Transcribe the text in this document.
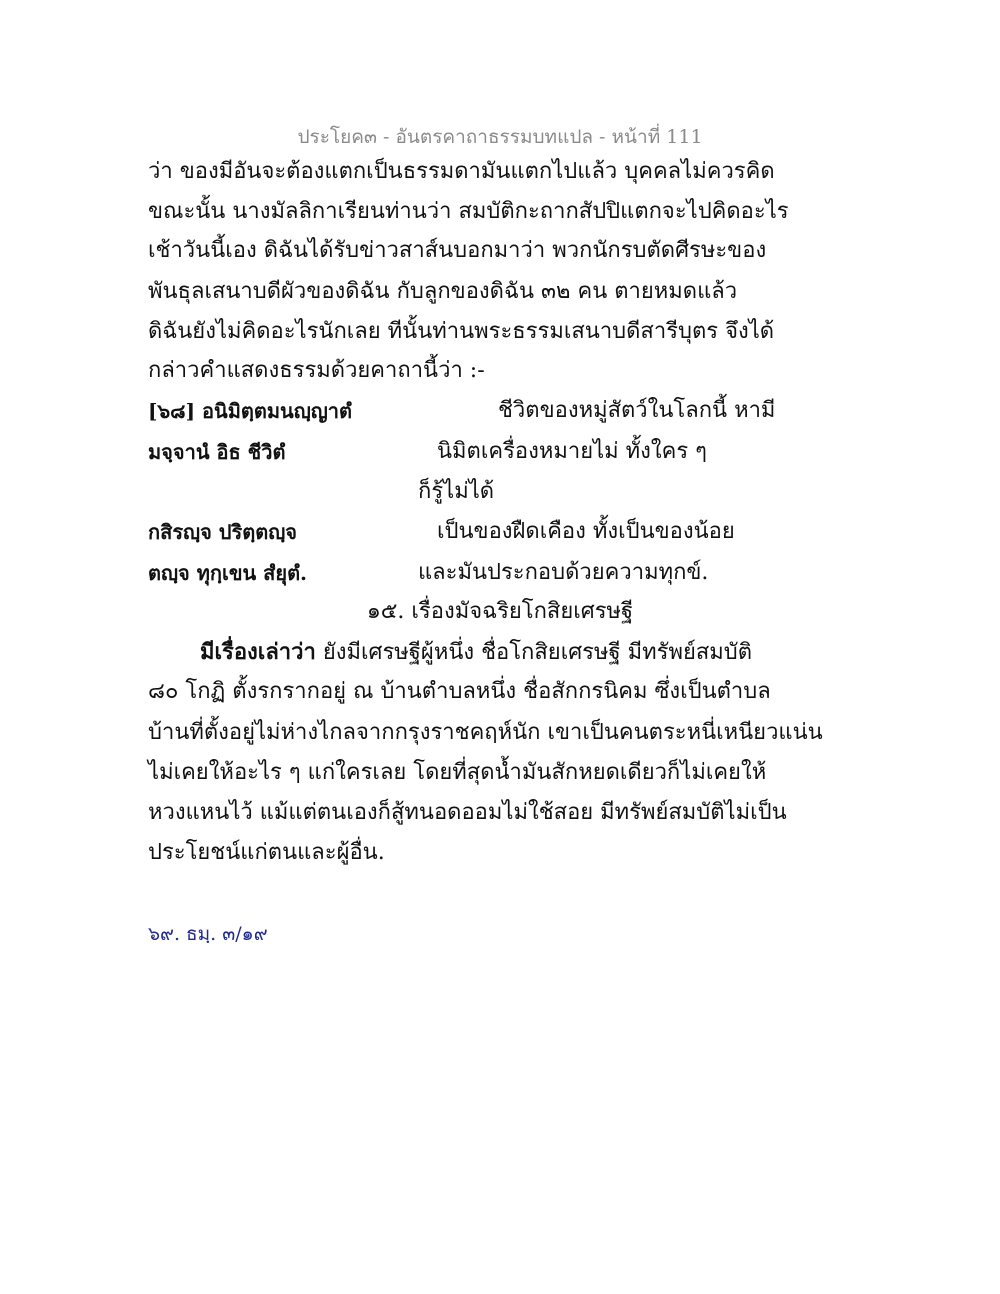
ประโยค๓ - อันตรคาถาธรรมบทแปล - หน้าที่ 111
ว่า ของมีอันจะต้องแตกเป็นธรรมดามันแตกไปแล้ว บุคคลไม่ควรคิด
ขณะนั้น นางมัลลิกาเรียนท่านว่า สมบัติกะถากสัปปิแตกจะไปคิดอะไร
เช้าวันนี้เอง ดิฉันได้รับข่าวสาส์นบอกมาว่า พวกนักรบตัดศีรษะของ
พันธุลเสนาบดีผัวของดิฉัน กับลูกของดิฉัน ๓๒ คน ตายหมดแล้ว
ดิฉันยังไม่คิดอะไรนักเลย ทีนั้นท่านพระธรรมเสนาบดีสารีบุตร จึงได้
กล่าวคำแสดงธรรมด้วยคาถานี้ว่า :-
[๖๘] อนิมิตฺตมนญฺญาตํ	ชีวิตของหมู่สัตว์ในโลกนี้ หามี
มจฺจานํ อิธ ชีวิตํ	นิมิตเครื่องหมายไม่ ทั้งใคร ๆ
ก็รู้ไม่ได้
กสิรญฺจ ปริตฺตญฺจ	เป็นของฝืดเคือง ทั้งเป็นของน้อย
ตญฺจ ทุกฺเขน สํยุตํ.	และมันประกอบด้วยความทุกข์.
๑๕. เรื่องมัจฉริยโกสิยเศรษฐี
มีเรื่องเล่าว่า ยังมีเศรษฐีผู้หนึ่ง ชื่อโกสิยเศรษฐี มีทรัพย์สมบัติ
๘๐ โกฏิ ตั้งรกรากอยู่ ณ บ้านตำบลหนึ่ง ชื่อสักกรนิคม ซึ่งเป็นตำบล
บ้านที่ตั้งอยู่ไม่ห่างไกลจากกรุงราชคฤห์นัก เขาเป็นคนตระหนี่เหนียวแน่น
ไม่เคยให้อะไร ๆ แก่ใครเลย โดยที่สุดน้ำมันสักหยดเดียวก็ไม่เคยให้
หวงแหนไว้ แม้แต่ตนเองก็สู้ทนอดออมไม่ใช้สอย มีทรัพย์สมบัติไม่เป็น
ประโยชน์แก่ตนและผู้อื่น.
๖๙. ธมฺ. ๓/๑๙
